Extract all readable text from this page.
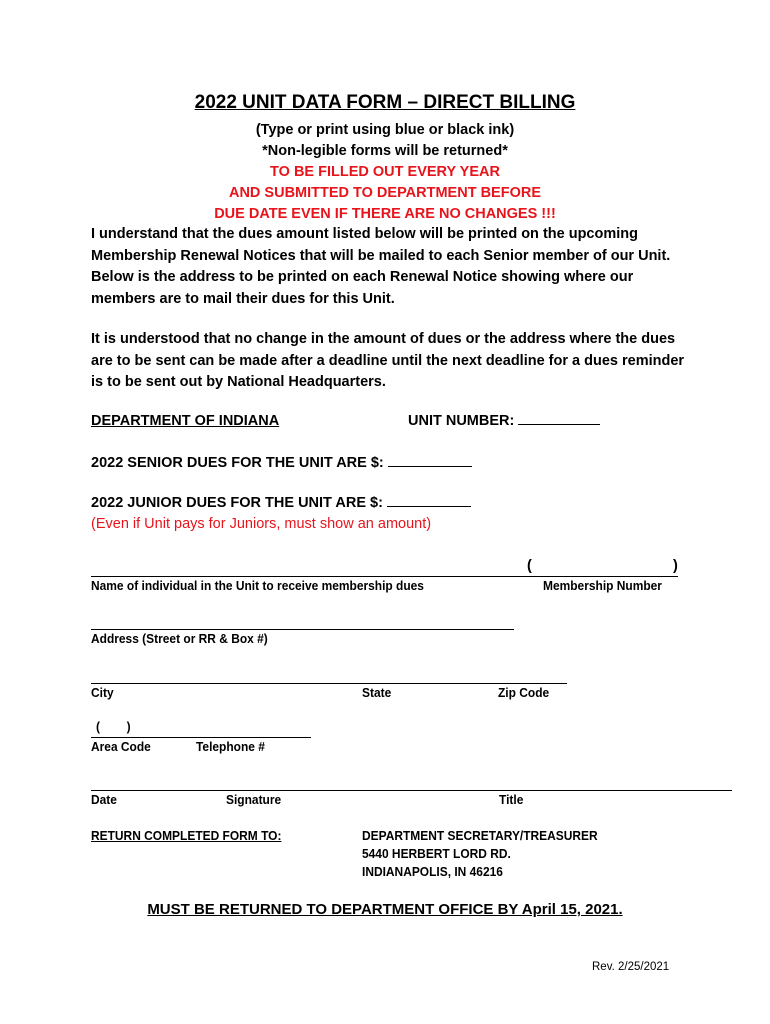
2022 UNIT DATA FORM – DIRECT BILLING
(Type or print using blue or black ink)
*Non-legible forms will be returned*
TO BE FILLED OUT EVERY YEAR
AND SUBMITTED TO DEPARTMENT BEFORE
DUE DATE EVEN IF THERE ARE NO CHANGES !!!
I understand that the dues amount listed below will be printed on the upcoming Membership Renewal Notices that will be mailed to each Senior member of our Unit. Below is the address to be printed on each Renewal Notice showing where our members are to mail their dues for this Unit.
It is understood that no change in the amount of dues or the address where the dues are to be sent can be made after a deadline until the next deadline for a dues reminder is to be sent out by National Headquarters.
DEPARTMENT OF INDIANA	UNIT NUMBER:
2022 SENIOR DUES FOR THE UNIT ARE $:
2022 JUNIOR DUES FOR THE UNIT ARE $:
(Even if Unit pays for Juniors, must show an amount)
(	)
Name of individual in the Unit to receive membership dues	Membership Number
Address (Street or RR & Box #)
City	State	Zip Code
(        )
Area Code	Telephone #
Date	Signature	Title
RETURN COMPLETED FORM TO:	DEPARTMENT SECRETARY/TREASURER
5440 HERBERT LORD RD.
INDIANAPOLIS, IN 46216
MUST BE RETURNED TO DEPARTMENT OFFICE BY April 15, 2021.
Rev. 2/25/2021
